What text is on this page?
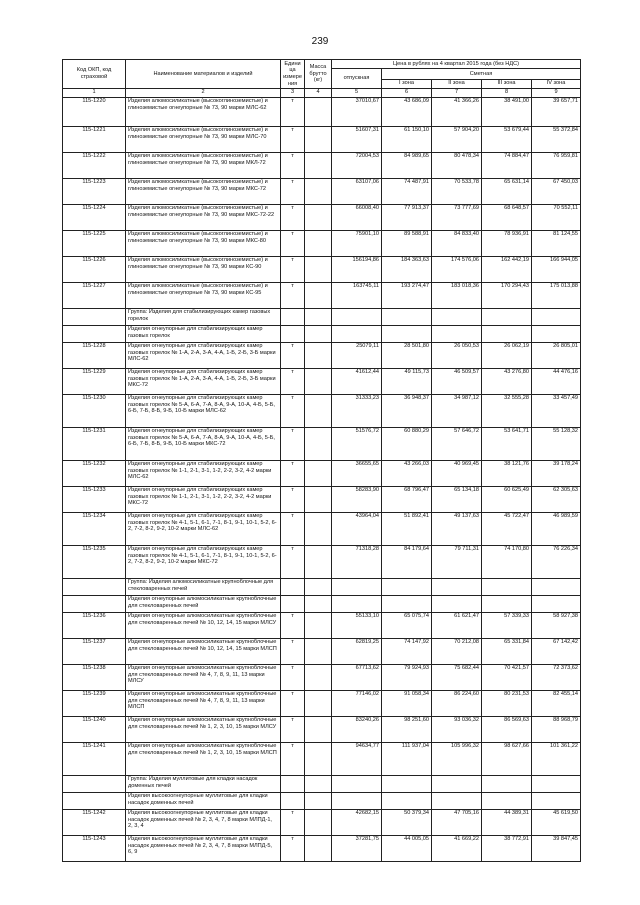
239
Код ОКП, код страховой	Наименование материалов и изделий	Едини ца измере ния	Масса брутто (кг)	Цена в рублях на 4 квартал 2015 года (без НДС)				
				отпускная	Сметная			
					I зона	II зона	III зона	IV зона
1	2	3	4	5	6	7	8	9
115-1220	Изделия алюмосиликатные (высокоглиноземистые) и глиноземистые огнеупорные № 73, 90 марки МЛС-62	т		37010,67	43 686,09	41 366,26	38 491,00	39 657,71
115-1221	Изделия алюмосиликатные (высокоглиноземистые) и глиноземистые огнеупорные № 73, 90 марки МЛС-70	т		51607,31	61 150,10	57 904,20	53 679,44	55 372,84
115-1222	Изделия алюмосиликатные (высокоглиноземистые) и глиноземистые огнеупорные № 73, 90 марки МКЛ-72	т		72004,53	84 989,65	80 478,34	74 884,47	76 959,81
115-1223	Изделия алюмосиликатные (высокоглиноземистые) и глиноземистые огнеупорные № 73, 90 марки МКС-72	т		63107,06	74 487,91	70 533,78	65 631,14	67 450,03
115-1224	Изделия алюмосиликатные (высокоглиноземистые) и глиноземистые огнеупорные № 73, 90 марки МКС-72-22	т		66008,40	77 913,37	73 777,69	68 648,57	70 552,11
115-1225	Изделия алюмосиликатные (высокоглиноземистые) и глиноземистые огнеупорные № 73, 90 марки МКС-80	т		75901,10	89 588,91	84 833,40	78 936,91	81 124,55
115-1226	Изделия алюмосиликатные (высокоглиноземистые) и глиноземистые огнеупорные № 73, 90 марки КС-90	т		156194,86	184 363,63	174 576,06	162 442,19	166 944,05
115-1227	Изделия алюмосиликатные (высокоглиноземистые) и глиноземистые огнеупорные № 73, 90 марки КС-95	т		163745,11	193 274,47	183 018,36	170 294,43	175 013,88
	Группа: Изделия для стабилизирующих камер газовых горелок							
	Изделия огнеупорные для стабилизирующих камер газовых горелок							
115-1228	Изделия огнеупорные для стабилизирующих камер газовых горелок № 1-А, 2-А, 3-А, 4-А, 1-Б, 2-Б, 3-Б марки МЛС-62	т		25079,11	28 501,80	26 050,53	26 062,19	26 805,01
115-1229	Изделия огнеупорные для стабилизирующих камер газовых горелок № 1-А, 2-А, 3-А, 4-А, 1-Б, 2-Б, 3-Б марки МКС-72	т		41612,44	49 115,73	46 509,57	43 276,80	44 476,16
115-1230	Изделия огнеупорные для стабилизирующих камер газовых горелок № 5-А, 6-А, 7-А, 8-А, 9-А, 10-А, 4-Б, 5-Б, 6-Б, 7-Б, 8-Б, 9-Б, 10-Б марки МЛС-62	т		31333,23	36 948,37	34 987,12	32 555,28	33 457,49
115-1231	Изделия огнеупорные для стабилизирующих камер газовых горелок № 5-А, 6-А, 7-А, 8-А, 9-А, 10-А, 4-Б, 5-Б, 6-Б, 7-Б, 8-Б, 9-Б, 10-Б марки МКС-72	т		51576,72	60 880,29	57 646,72	53 641,71	55 128,32
115-1232	Изделия огнеупорные для стабилизирующих камер газовых горелок № 1-1, 2-1, 3-1, 1-2, 2-2, 3-2, 4-2 марки МЛС-62	т		36655,65	43 266,03	40 969,45	38 121,76	39 178,24
115-1233	Изделия огнеупорные для стабилизирующих камер газовых горелок № 1-1, 2-1, 3-1, 1-2, 2-2, 3-2, 4-2 марки МКС-72	т		58283,90	68 796,47	65 134,18	60 625,49	62 305,63
115-1234	Изделия огнеупорные для стабилизирующих камер газовых горелок № 4-1, 5-1, 6-1, 7-1, 8-1, 9-1, 10-1, 5-2, 6-2, 7-2, 8-2, 9-2, 10-2 марки МЛС-62	т		43964,04	51 892,41	49 137,63	45 722,47	46 989,59
115-1235	Изделия огнеупорные для стабилизирующих камер газовых горелок № 4-1, 5-1, 6-1, 7-1, 8-1, 9-1, 10-1, 5-2, 6-2, 7-2, 8-2, 9-2, 10-2 марки МКС-72	т		71318,28	84 179,64	79 711,31	74 170,80	76 226,34
	Группа: Изделия алюмосиликатные крупноблочные для стекловаренных печей							
	Изделия огнеупорные алюмосиликатные крупноблочные для стекловаренных печей							
115-1236	Изделия огнеупорные алюмосиликатные крупноблочные для стекловаренных печей № 10, 12, 14, 15 марки МЛСУ	т		55133,10	65 075,74	61 621,47	57 339,33	58 927,38
115-1237	Изделия огнеупорные алюмосиликатные крупноблочные для стекловаренных печей № 10, 12, 14, 15 марки МЛСП	т		62819,25	74 147,92	70 212,08	65 331,84	67 142,42
115-1238	Изделия огнеупорные алюмосиликатные крупноблочные для стекловаренных печей № 4, 7, 8, 9, 11, 13 марки МЛСУ	т		67713,62	79 924,93	75 682,44	70 421,57	72 373,62
115-1239	Изделия огнеупорные алюмосиликатные крупноблочные для стекловаренных печей № 4, 7, 8, 9, 11, 13 марки МЛСП	т		77146,02	91 058,34	86 224,60	80 231,53	82 455,14
115-1240	Изделия огнеупорные алюмосиликатные крупноблочные для стекловаренных печей № 1, 2, 3, 10, 15 марки МЛСУ	т		83240,26	98 251,60	93 036,32	86 569,63	88 968,79
115-1241	Изделия огнеупорные алюмосиликатные крупноблочные для стекловаренных печей № 1, 2, 3, 10, 15 марки МЛСП	т		94634,77	111 937,04	105 996,32	98 627,66	101 361,22
	Группа: Изделия муллитовые для кладки насадок доменных печей							
	Изделия высокоогнеупорные муллитовые для кладки насадок доменных печей							
115-1242	Изделия высокоогнеупорные муллитовые для кладки насадок доменных печей № 2, 3, 4, 7, 8 марки МЛПД-1, 2, 3, 4	т		42682,15	50 379,34	47 705,16	44 389,31	45 619,50
115-1243	Изделия высокоогнеупорные муллитовые для кладки насадок доменных печей № 2, 3, 4, 7, 8 марки МЛПД-5, 6, 9	т		37281,75	44 005,05	41 669,22	38 772,91	39 847,45
